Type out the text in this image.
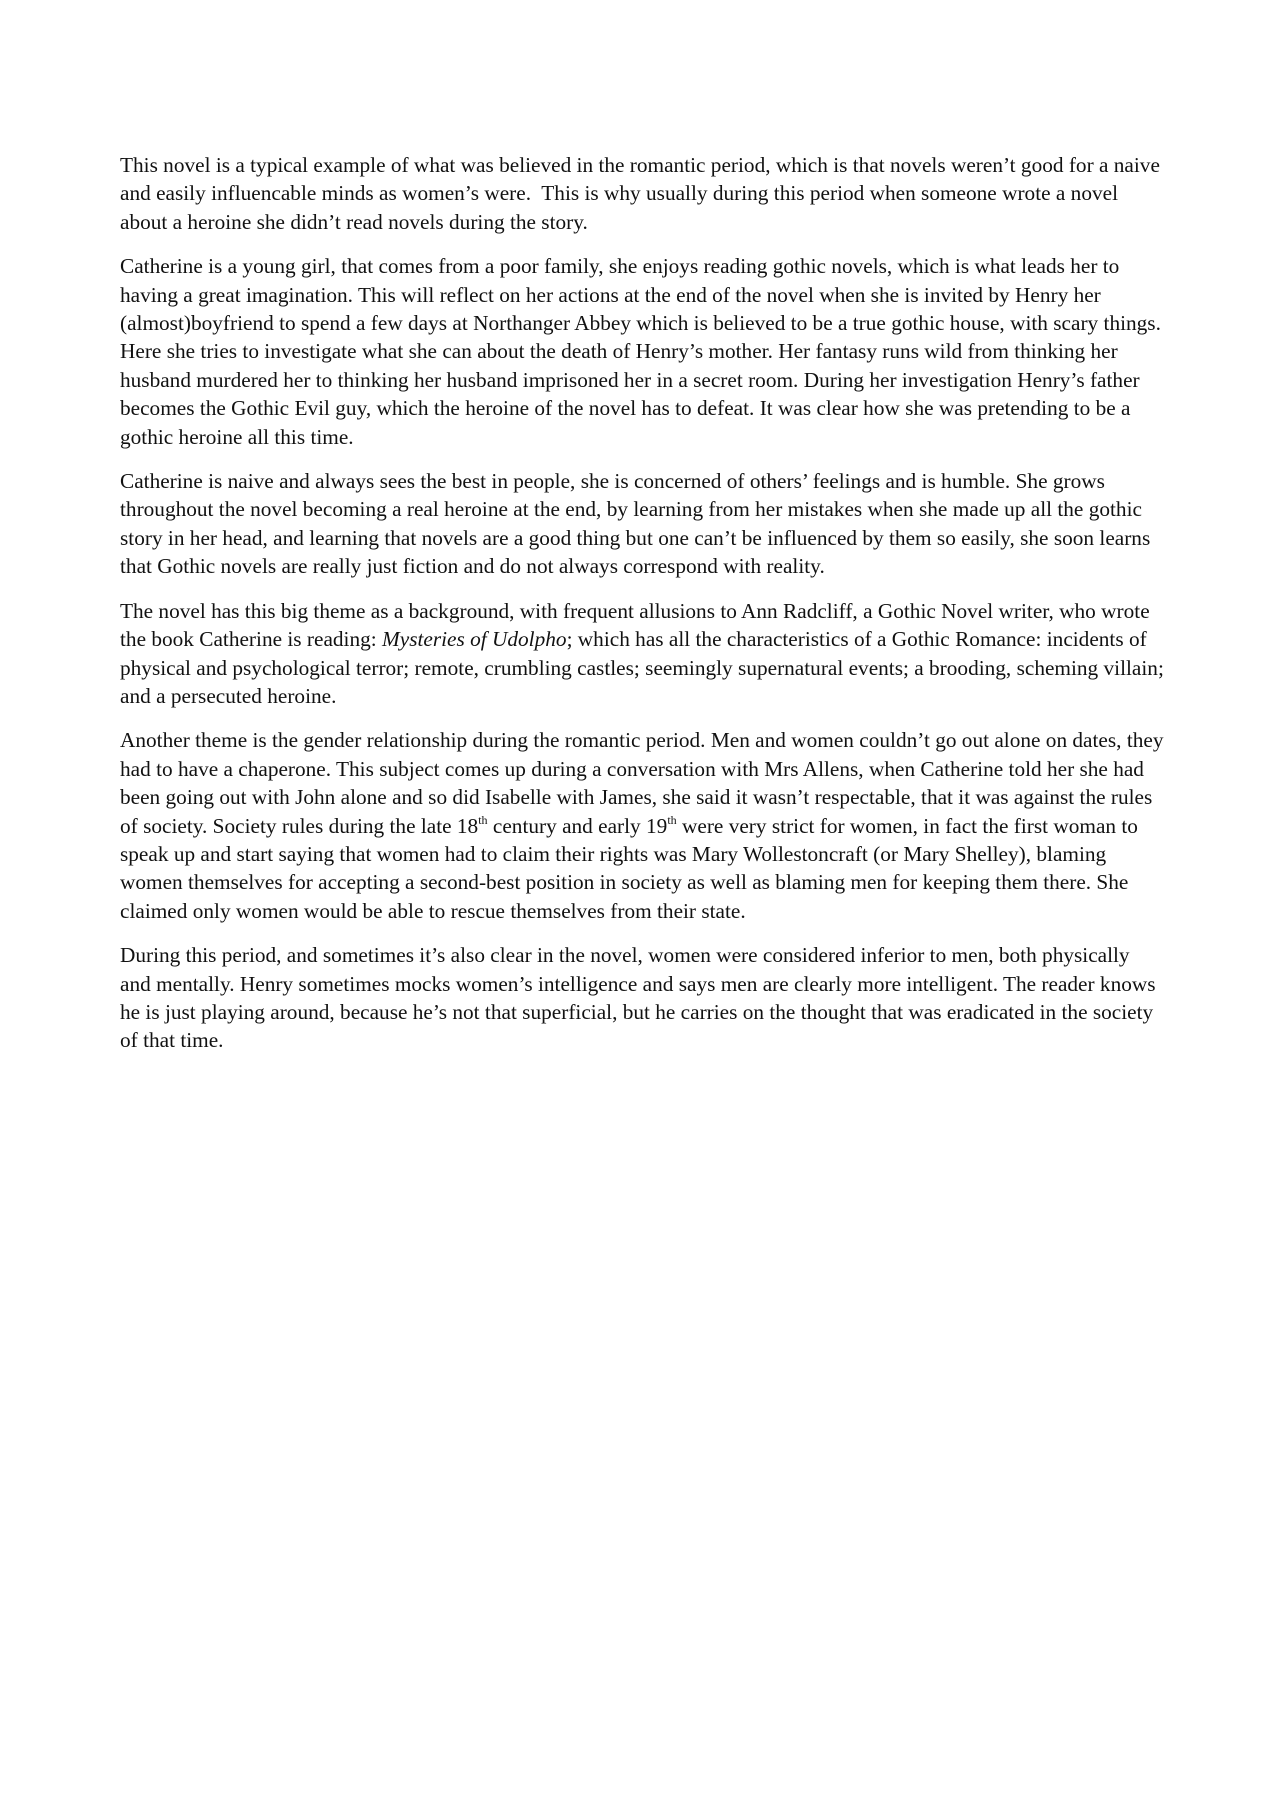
This novel is a typical example of what was believed in the romantic period, which is that novels weren’t good for a naive and easily influencable minds as women’s were.  This is why usually during this period when someone wrote a novel about a heroine she didn’t read novels during the story.

Catherine is a young girl, that comes from a poor family, she enjoys reading gothic novels, which is what leads her to having a great imagination. This will reflect on her actions at the end of the novel when she is invited by Henry her (almost)boyfriend to spend a few days at Northanger Abbey which is believed to be a true gothic house, with scary things. Here she tries to investigate what she can about the death of Henry’s mother. Her fantasy runs wild from thinking her husband murdered her to thinking her husband imprisoned her in a secret room. During her investigation Henry’s father becomes the Gothic Evil guy, which the heroine of the novel has to defeat. It was clear how she was pretending to be a gothic heroine all this time.

Catherine is naive and always sees the best in people, she is concerned of others’ feelings and is humble. She grows throughout the novel becoming a real heroine at the end, by learning from her mistakes when she made up all the gothic story in her head, and learning that novels are a good thing but one can’t be influenced by them so easily, she soon learns that Gothic novels are really just fiction and do not always correspond with reality.

The novel has this big theme as a background, with frequent allusions to Ann Radcliff, a Gothic Novel writer, who wrote the book Catherine is reading: Mysteries of Udolpho; which has all the characteristics of a Gothic Romance: incidents of physical and psychological terror; remote, crumbling castles; seemingly supernatural events; a brooding, scheming villain; and a persecuted heroine.

Another theme is the gender relationship during the romantic period. Men and women couldn’t go out alone on dates, they had to have a chaperone. This subject comes up during a conversation with Mrs Allens, when Catherine told her she had been going out with John alone and so did Isabelle with James, she said it wasn’t respectable, that it was against the rules of society. Society rules during the late 18th century and early 19th were very strict for women, in fact the first woman to speak up and start saying that women had to claim their rights was Mary Wollestoncraft (or Mary Shelley), blaming women themselves for accepting a second-best position in society as well as blaming men for keeping them there. She claimed only women would be able to rescue themselves from their state.

During this period, and sometimes it’s also clear in the novel, women were considered inferior to men, both physically and mentally. Henry sometimes mocks women’s intelligence and says men are clearly more intelligent. The reader knows he is just playing around, because he’s not that superficial, but he carries on the thought that was eradicated in the society of that time.
